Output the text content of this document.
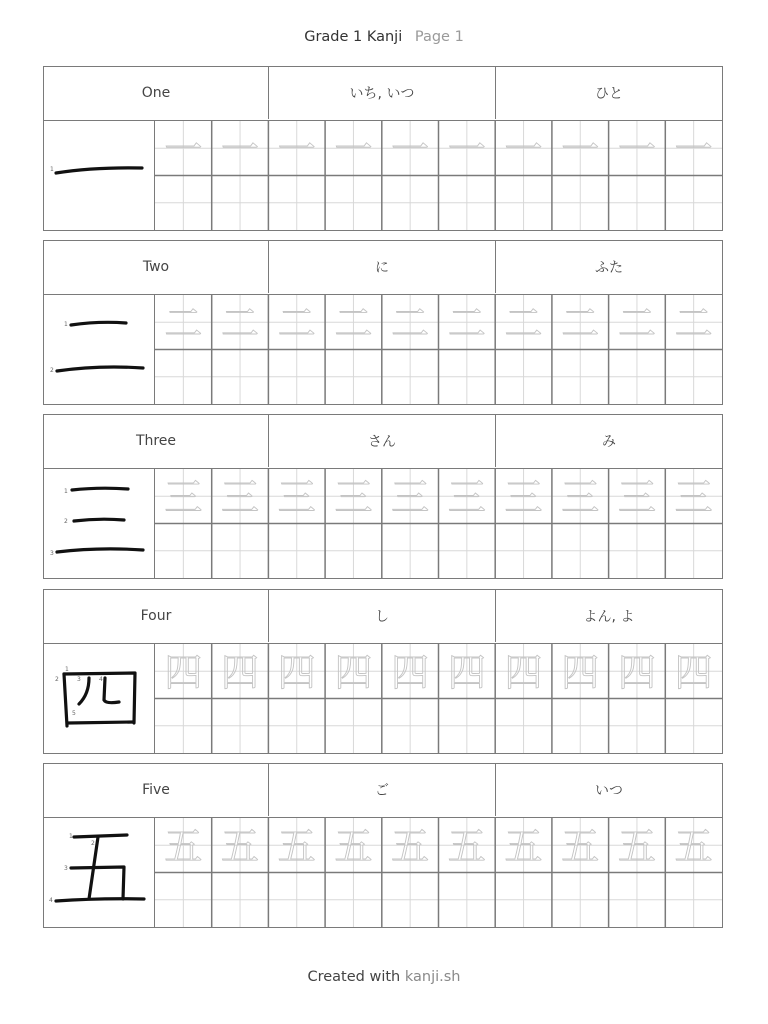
Grade 1 Kanji Page 1
One	いち, いつ	ひと
1	一 一 一 一 一 一 一 一 一 一
Two	に	ふた
1
2
二 二 二 二 二 二 二 二 二 二
Three	さん	み
1
2
3
三 三 三 三 三 三 三 三 三 三
Four	し	よん, よ
1
2	3	4
5
四 四 四 四 四 四 四 四 四 四
Five	ご	いつ
1
2
3
4
五 五 五 五 五 五 五 五 五 五
Created with kanji.sh
